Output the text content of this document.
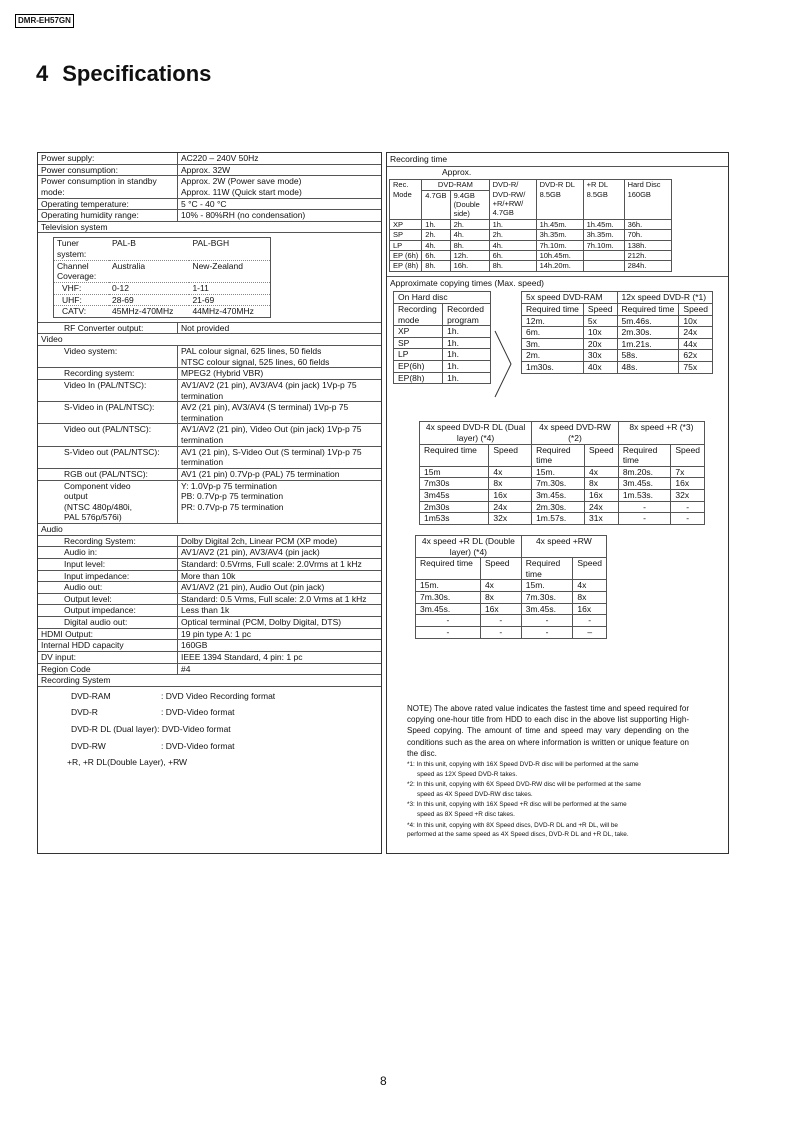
DMR-EH57GN
4 Specifications
Power supply:	AC220 – 240V 50Hz
Power consumption:	Approx. 32W
Power consumption in standby mode:	
Approx. 2W (Power save mode)
Approx. 11W (Quick start mode)

Operating temperature:	5 °C - 40 °C
Operating humidity range:	10% - 80%RH (no condensation)
Television system

Tuner system:	PAL-B	PAL-BGH
Channel Coverage:	Australia	New-Zealand
VHF:	0-12	1-11
UHF:	28-69	21-69
CATV:	45MHz-470MHz	44MHz-470MHz

RF Converter output:	Not provided
Video
Video system:	PAL colour signal, 625 lines, 50 fields
NTSC colour signal, 525 lines, 60 fields

Recording system:	MPEG2 (Hybrid VBR)
Video In (PAL/NTSC):	AV1/AV2 (21 pin), AV3/AV4 (pin jack) 1Vp-p 75 termination
S-Video in (PAL/NTSC):	AV2 (21 pin), AV3/AV4 (S terminal) 1Vp-p 75 termination
Video out (PAL/NTSC):	AV1/AV2 (21 pin), Video Out (pin jack) 1Vp-p 75 termination
S-Video out (PAL/NTSC):	AV1 (21 pin), S-Video Out (S terminal) 1Vp-p 75 termination
RGB out (PAL/NTSC):	AV1 (21 pin) 0.7Vp-p (PAL) 75 termination

Component video
output
(NTSC 480p/480i,
PAL 576p/576i)

Y: 1.0Vp-p 75 termination
PB: 0.7Vp-p 75 termination
PR: 0.7Vp-p 75 termination

Audio
Recording System:	Dolby Digital 2ch, Linear PCM (XP mode)
Audio in:	AV1/AV2 (21 pin), AV3/AV4 (pin jack)
Input level:	Standard: 0.5Vrms, Full scale: 2.0Vrms at 1 kHz
Input impedance:	More than 10k
Audio out:	AV1/AV2 (21 pin), Audio Out (pin jack)
Output level:	Standard: 0.5 Vrms, Full scale: 2.0 Vrms at 1 kHz
Output impedance:	Less than 1k
Digital audio out:	Optical terminal (PCM, Dolby Digital, DTS)
HDMI Output:	19 pin type A: 1 pc
Internal HDD capacity	160GB
DV input:	IEEE 1394 Standard, 4 pin: 1 pc
Region Code	#4
Recording System

DVD-RAM	: DVD Video Recording format
DVD-R	: DVD-Video format
DVD-R DL (Dual layer): DVD-Video format
DVD-RW	: DVD-Video format
+R, +R DL(Double Layer), +RW
Recording time
Approx.
Rec.
Mode	DVD-RAM		DVD-R/ DVD-RW/ +R/+RW/ 4.7GB	DVD-R DL 8.5GB	+R DL 8.5GB	Hard Disc 160GB
	4.7GB	9.4GB (Double side)				
XP	1h.	2h.	1h.	1h.45m.	1h.45m.	36h.
SP	2h.	4h.	2h.	3h.35m.	3h.35m.	70h.
LP	4h.	8h.	4h.	7h.10m.	7h.10m.	138h.
EP (6h)	6h.	12h.	6h.	10h.45m.		212h.
EP (8h)	8h.	16h.	8h.	14h.20m.		284h.
Approximate copying times (Max. speed)
On Hard disc	
Recording mode	Recorded program
XP	1h.
SP	1h.
LP	1h.
EP(6h)	1h.
EP(8h)	1h.
5x speed DVD-RAM		12x speed DVD-R (*1)	
Required time	Speed	Required time	Speed
12m.	5x	5m.46s.	10x
6m.	10x	2m.30s.	24x
3m.	20x	1m.21s.	44x
2m.	30x	58s.	62x
1m30s.	40x	48s.	75x
4x speed DVD-R DL (Dual layer) (*4)		4x speed DVD-RW (*2)		8x speed +R (*3)	
Required time	Speed	Required time	Speed	Required time	Speed
15m	4x	15m.	4x	8m.20s.	7x
7m30s	8x	7m.30s.	8x	3m.45s.	16x
3m45s	16x	3m.45s.	16x	1m.53s.	32x
2m30s	24x	2m.30s.	24x	-	-
1m53s	32x	1m.57s.	31x	-	-
4x speed +R DL (Double layer) (*4)		4x speed +RW	
Required time	Speed	Required time	Speed
15m.	4x	15m.	4x
7m.30s.	8x	7m.30s.	8x
3m.45s.	16x	3m.45s.	16x
-	-	-	-
-	-	-	–
NOTE) The above rated value indicates the fastest time and speed required for copying one-hour title from HDD to each disc in the above list supporting High-Speed copying. The amount of time and speed may vary depending on the conditions such as the area on where information is written or unique feature on the disc.
*1: In this unit, copying with 16X Speed DVD-R disc will be performed at the same
speed as 12X Speed DVD-R takes.
*2: In this unit, copying with 6X Speed DVD-RW disc will be performed at the same
speed as 4X Speed DVD-RW disc takes.
*3: In this unit, copying with 16X Speed +R disc will be performed at the same
speed as 8X Speed +R disc takes.
*4: In this unit, copying with 8X Speed discs, DVD-R DL and +R DL, will be
performed at the same speed as 4X Speed discs, DVD-R DL and +R DL, take.
8
